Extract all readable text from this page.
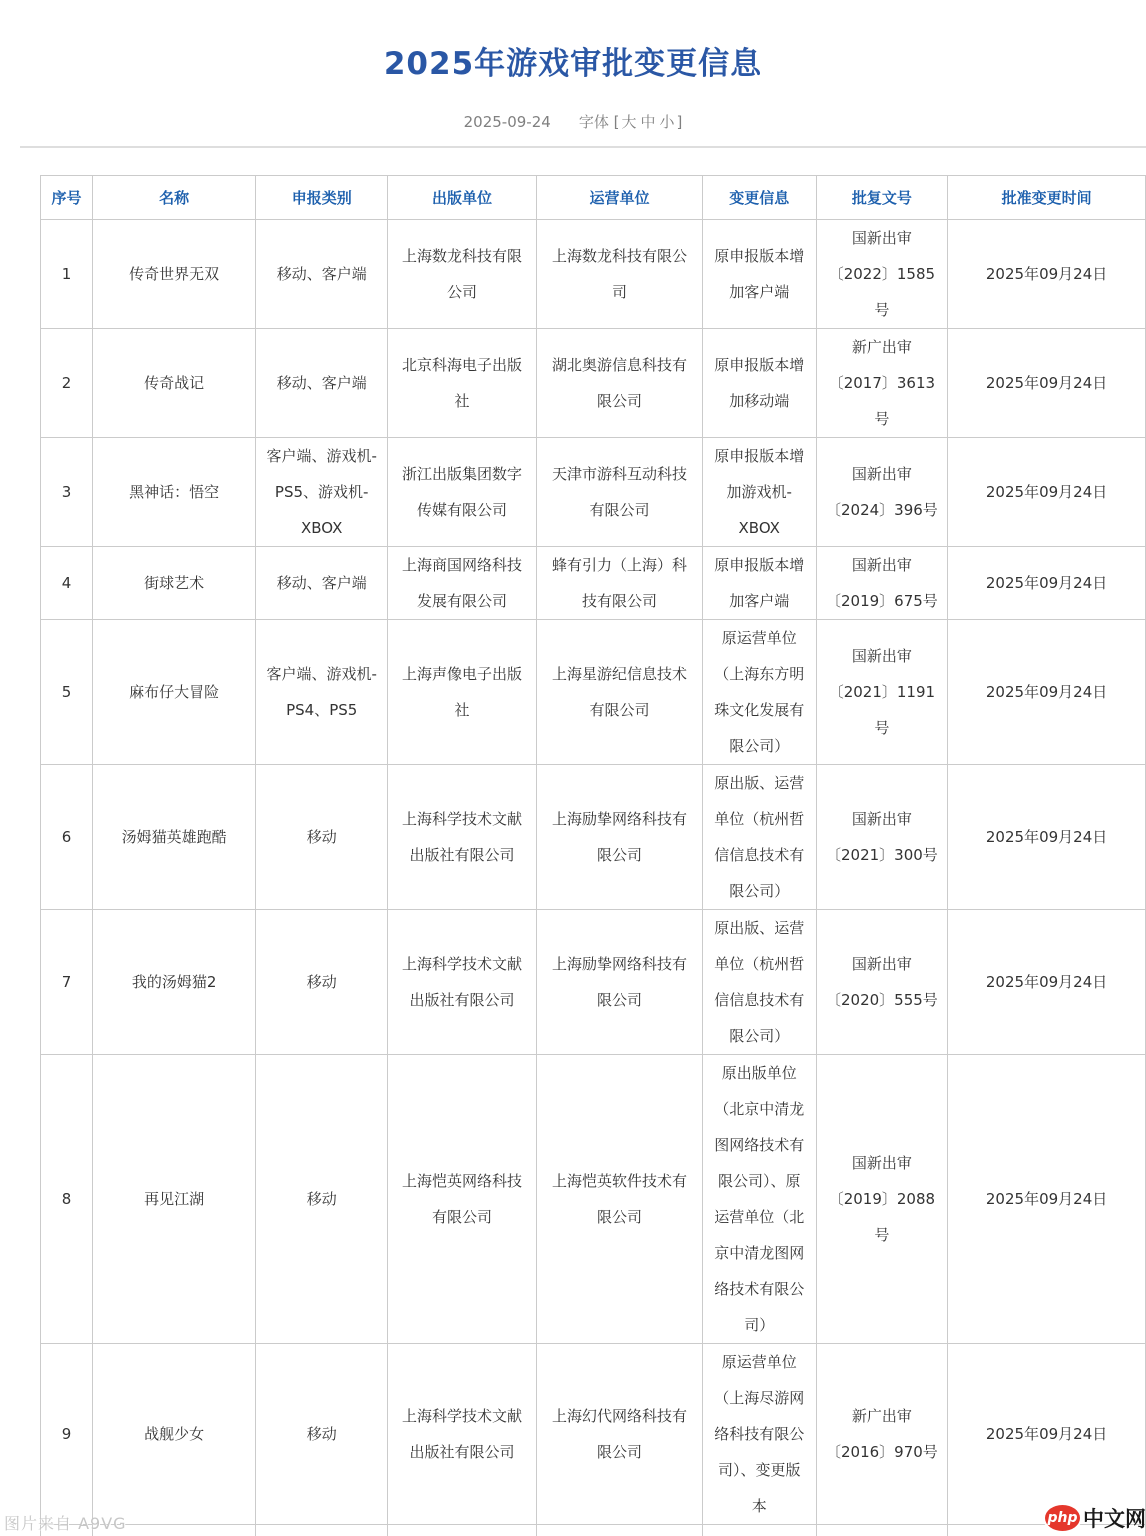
2025年游戏审批变更信息
2025-09-24 字体 [ 大 中 小 ]
序号	名称	申报类别	出版单位	运营单位	变更信息	批复文号	批准变更时间
1	传奇世界无双	移动、客户端	上海数龙科技有限公司	上海数龙科技有限公司	原申报版本增加客户端	国新出审〔2022〕1585号	2025年09月24日
2	传奇战记	移动、客户端	北京科海电子出版社	湖北奥游信息科技有限公司	原申报版本增加移动端	新广出审〔2017〕3613号	2025年09月24日
3	黑神话：悟空	客户端、游戏机-PS5、游戏机-XBOX	浙江出版集团数字传媒有限公司	天津市游科互动科技有限公司	原申报版本增加游戏机-XBOX	国新出审〔2024〕396号	2025年09月24日
4	街球艺术	移动、客户端	上海商国网络科技发展有限公司	蜂有引力（上海）科技有限公司	原申报版本增加客户端	国新出审〔2019〕675号	2025年09月24日
5	麻布仔大冒险	客户端、游戏机-PS4、PS5	上海声像电子出版社	上海星游纪信息技术有限公司	原运营单位（上海东方明珠文化发展有限公司）	国新出审〔2021〕1191号	2025年09月24日
6	汤姆猫英雄跑酷	移动	上海科学技术文献出版社有限公司	上海励挚网络科技有限公司	原出版、运营单位（杭州哲信信息技术有限公司）	国新出审〔2021〕300号	2025年09月24日
7	我的汤姆猫2	移动	上海科学技术文献出版社有限公司	上海励挚网络科技有限公司	原出版、运营单位（杭州哲信信息技术有限公司）	国新出审〔2020〕555号	2025年09月24日
8	再见江湖	移动	上海恺英网络科技有限公司	上海恺英软件技术有限公司	原出版单位（北京中清龙图网络技术有限公司）、原运营单位（北京中清龙图网络技术有限公司）	国新出审〔2019〕2088号	2025年09月24日
9	战舰少女	移动	上海科学技术文献出版社有限公司	上海幻代网络科技有限公司	原运营单位（上海尽游网络科技有限公司）、变更版本	新广出审〔2016〕970号	2025年09月24日

图片来自 A9VG	php 中文网
